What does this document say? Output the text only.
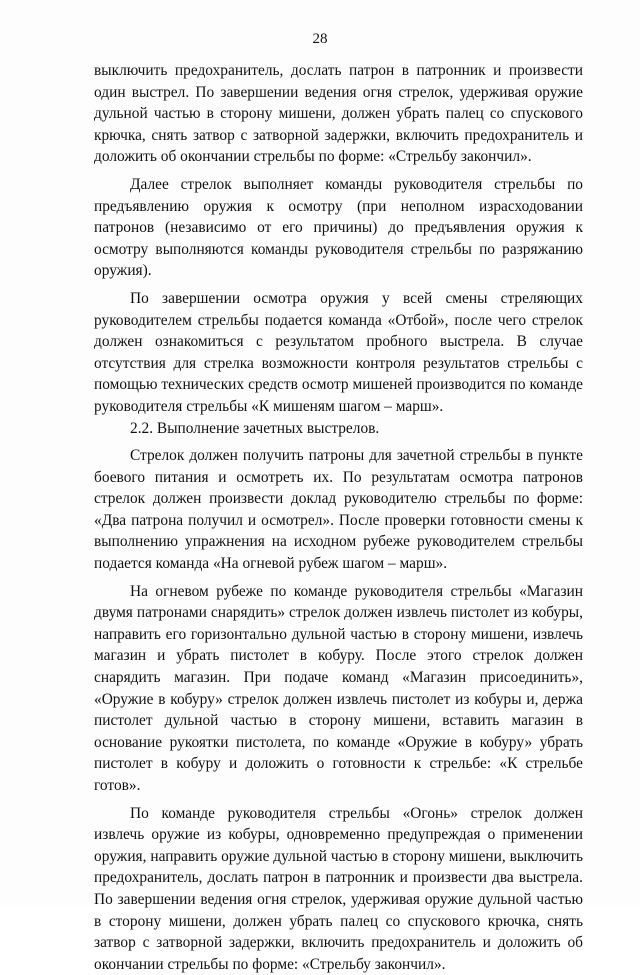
28

выключить предохранитель, дослать патрон в патронник и произвести один выстрел. По завершении ведения огня стрелок, удерживая оружие дульной частью в сторону мишени, должен убрать палец со спускового крючка, снять затвор с затворной задержки, включить предохранитель и доложить об окончании стрельбы по форме: «Стрельбу закончил».

Далее стрелок выполняет команды руководителя стрельбы по предъявлению оружия к осмотру (при неполном израсходовании патронов (независимо от его причины) до предъявления оружия к осмотру выполняются команды руководителя стрельбы по разряжанию оружия).

По завершении осмотра оружия у всей смены стреляющих руководителем стрельбы подается команда «Отбой», после чего стрелок должен ознакомиться с результатом пробного выстрела. В случае отсутствия для стрелка возможности контроля результатов стрельбы с помощью технических средств осмотр мишеней производится по команде руководителя стрельбы «К мишеням шагом – марш».

2.2. Выполнение зачетных выстрелов.

Стрелок должен получить патроны для зачетной стрельбы в пункте боевого питания и осмотреть их. По результатам осмотра патронов стрелок должен произвести доклад руководителю стрельбы по форме: «Два патрона получил и осмотрел». После проверки готовности смены к выполнению упражнения на исходном рубеже руководителем стрельбы подается команда «На огневой рубеж шагом – марш».

На огневом рубеже по команде руководителя стрельбы «Магазин двумя патронами снарядить» стрелок должен извлечь пистолет из кобуры, направить его горизонтально дульной частью в сторону мишени, извлечь магазин и убрать пистолет в кобуру. После этого стрелок должен снарядить магазин. При подаче команд «Магазин присоединить», «Оружие в кобуру» стрелок должен извлечь пистолет из кобуры и, держа пистолет дульной частью в сторону мишени, вставить магазин в основание рукоятки пистолета, по команде «Оружие в кобуру» убрать пистолет в кобуру и доложить о готовности к стрельбе: «К стрельбе готов».

По команде руководителя стрельбы «Огонь» стрелок должен извлечь оружие из кобуры, одновременно предупреждая о применении оружия, направить оружие дульной частью в сторону мишени, выключить предохранитель, дослать патрон в патронник и произвести два выстрела. По завершении ведения огня стрелок, удерживая оружие дульной частью в сторону мишени, должен убрать палец со спускового крючка, снять затвор с затворной задержки, включить предохранитель и доложить об окончании стрельбы по форме: «Стрельбу закончил».
